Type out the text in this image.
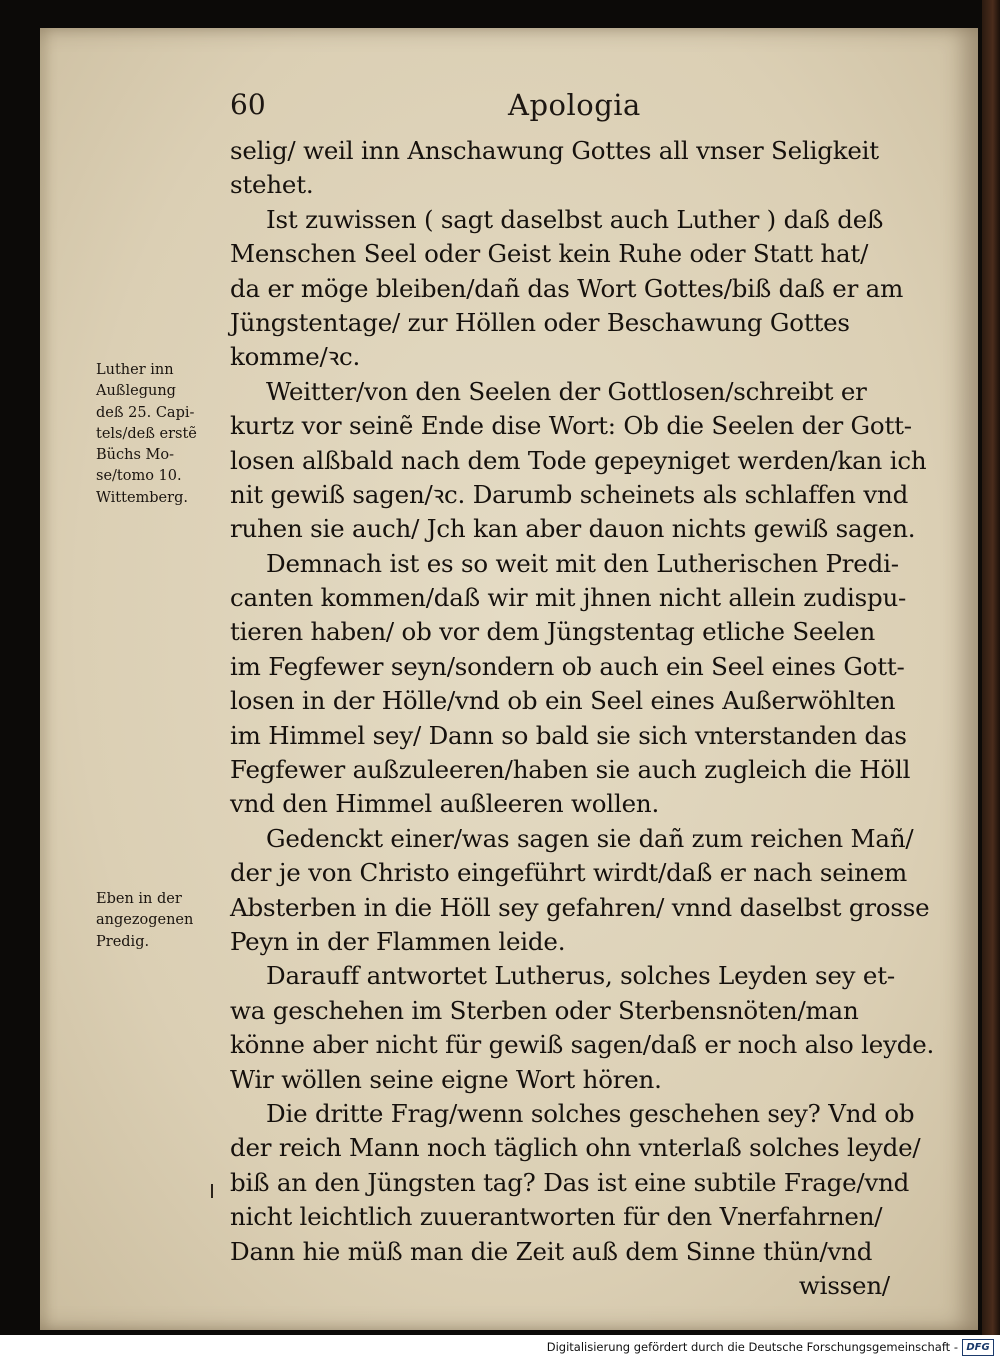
60	Apologia
selig/ weil inn Anschawung Gottes all vnser Seligkeit
stehet.
Ist zuwissen ( sagt daselbst auch Luther ) daß deß
Menschen Seel oder Geist kein Ruhe oder Statt hat/
da er möge bleiben/dañ das Wort Gottes/biß daß er am
Jüngstentage/ zur Höllen oder Beschawung Gottes
komme/ꝛc.
Weitter/von den Seelen der Gottlosen/schreibt er
kurtz vor seinẽ Ende dise Wort: Ob die Seelen der Gott-
losen alßbald nach dem Tode gepeyniget werden/kan ich
nit gewiß sagen/ꝛc. Darumb scheinets als schlaffen vnd
ruhen sie auch/ Jch kan aber dauon nichts gewiß sagen.
Demnach ist es so weit mit den Lutherischen Predi-
canten kommen/daß wir mit jhnen nicht allein zudispu-
tieren haben/ ob vor dem Jüngstentag etliche Seelen
im Fegfewer seyn/sondern ob auch ein Seel eines Gott-
losen in der Hölle/vnd ob ein Seel eines Außerwöhlten
im Himmel sey/ Dann so bald sie sich vnterstanden das
Fegfewer außzuleeren/haben sie auch zugleich die Höll
vnd den Himmel außleeren wollen.
Gedenckt einer/was sagen sie dañ zum reichen Mañ/
der je von Christo eingeführt wirdt/daß er nach seinem
Absterben in die Höll sey gefahren/ vnnd daselbst grosse
Peyn in der Flammen leide.
Darauff antwortet Lutherus, solches Leyden sey et-
wa geschehen im Sterben oder Sterbensnöten/man
könne aber nicht für gewiß sagen/daß er noch also leyde.
Wir wöllen seine eigne Wort hören.
Die dritte Frag/wenn solches geschehen sey? Vnd ob
der reich Mann noch täglich ohn vnterlaß solches leyde/
biß an den Jüngsten tag? Das ist eine subtile Frage/vnd
nicht leichtlich zuuerantworten für den Vnerfahrnen/
Dann hie müß man die Zeit auß dem Sinne thün/vnd
wissen/
Luther inn
Außlegung
deß 25. Capi-
tels/deß erstẽ
Büchs Mo-
se/tomo 10.
Wittemberg.
Eben in der
angezogenen
Predig.
Digitalisierung gefördert durch die Deutsche Forschungsgemeinschaft - DFG
